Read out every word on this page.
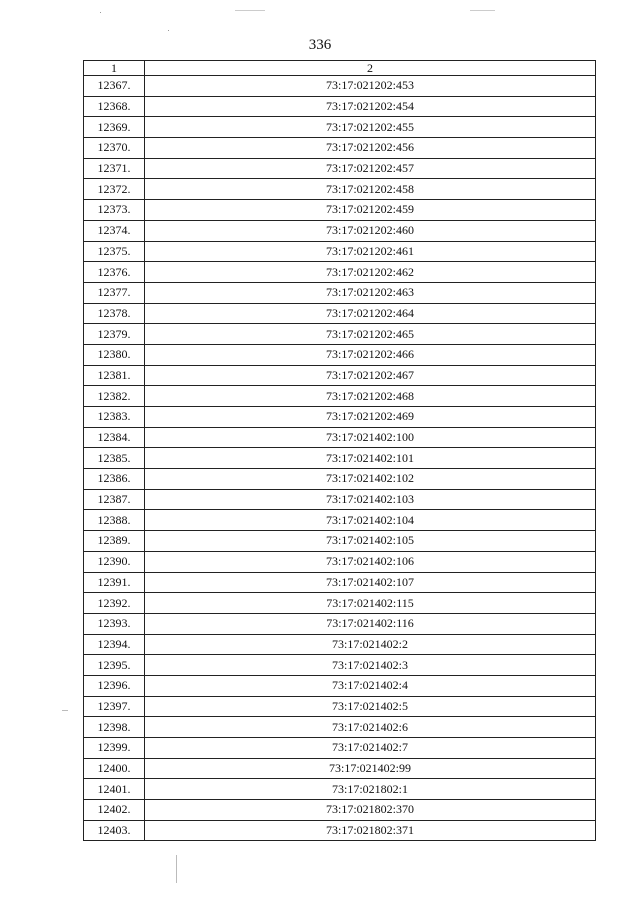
336
1	2
12367.	73:17:021202:453
12368.	73:17:021202:454
12369.	73:17:021202:455
12370.	73:17:021202:456
12371.	73:17:021202:457
12372.	73:17:021202:458
12373.	73:17:021202:459
12374.	73:17:021202:460
12375.	73:17:021202:461
12376.	73:17:021202:462
12377.	73:17:021202:463
12378.	73:17:021202:464
12379.	73:17:021202:465
12380.	73:17:021202:466
12381.	73:17:021202:467
12382.	73:17:021202:468
12383.	73:17:021202:469
12384.	73:17:021402:100
12385.	73:17:021402:101
12386.	73:17:021402:102
12387.	73:17:021402:103
12388.	73:17:021402:104
12389.	73:17:021402:105
12390.	73:17:021402:106
12391.	73:17:021402:107
12392.	73:17:021402:115
12393.	73:17:021402:116
12394.	73:17:021402:2
12395.	73:17:021402:3
12396.	73:17:021402:4
12397.	73:17:021402:5
12398.	73:17:021402:6
12399.	73:17:021402:7
12400.	73:17:021402:99
12401.	73:17:021802:1
12402.	73:17:021802:370
12403.	73:17:021802:371
